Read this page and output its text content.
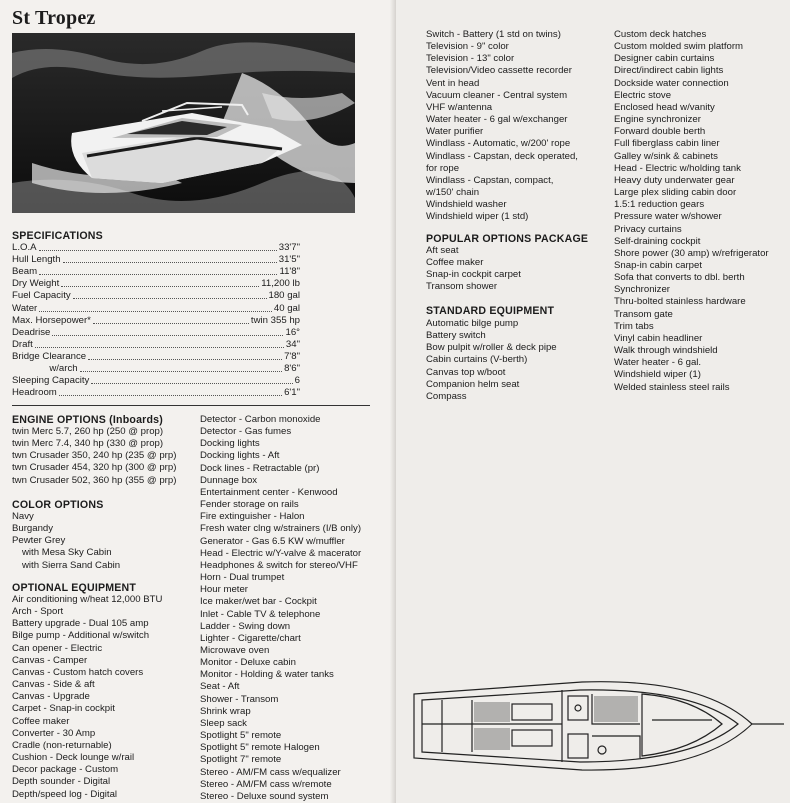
St Tropez
SPECIFICATIONS
L.O.A	33'7"
Hull Length	31'5"
Beam	11'8"
Dry Weight	11,200 lb
Fuel Capacity	180 gal
Water	40 gal
Max. Horsepower*	twin 355 hp
Deadrise	16°
Draft	34"
Bridge Clearance	7'8"
w/arch	8'6"
Sleeping Capacity	6
Headroom	6'1"
ENGINE OPTIONS (Inboards)
twin Merc 5.7, 260 hp (250 @ prop)
twin Merc 7.4, 340 hp (330 @ prop)
twn Crusader 350, 240 hp (235 @ prp)
twn Crusader 454, 320 hp (300 @ prp)
twn Crusader 502, 360 hp (355 @ prp)
COLOR OPTIONS
Navy
Burgandy
Pewter Grey
with Mesa Sky Cabin
with Sierra Sand Cabin
OPTIONAL EQUIPMENT
Air conditioning w/heat 12,000 BTU
Arch - Sport
Battery upgrade - Dual 105 amp
Bilge pump - Additional w/switch
Can opener - Electric
Canvas - Camper
Canvas - Custom hatch covers
Canvas - Side & aft
Canvas - Upgrade
Carpet - Snap-in cockpit
Coffee maker
Converter - 30 Amp
Cradle (non-returnable)
Cushion - Deck lounge w/rail
Decor package - Custom
Depth sounder - Digital
Depth/speed log - Digital
Detector - Carbon monoxide
Detector - Gas fumes
Docking lights
Docking lights - Aft
Dock lines - Retractable (pr)
Dunnage box
Entertainment center - Kenwood
Fender storage on rails
Fire extinguisher - Halon
Fresh water clng w/strainers (I/B only)
Generator - Gas 6.5 KW w/muffler
Head - Electric w/Y-valve & macerator
Headphones & switch for stereo/VHF
Horn - Dual trumpet
Hour meter
Ice maker/wet bar - Cockpit
Inlet - Cable TV & telephone
Ladder - Swing down
Lighter - Cigarette/chart
Microwave oven
Monitor - Deluxe cabin
Monitor - Holding & water tanks
Seat - Aft
Shower - Transom
Shrink wrap
Sleep sack
Spotlight 5" remote
Spotlight 5" remote Halogen
Spotlight 7" remote
Stereo - AM/FM cass w/equalizer
Stereo - AM/FM cass w/remote
Stereo - Deluxe sound system
Switch - Battery (1 std on twins)
Television - 9" color
Television - 13" color
Television/Video cassette recorder
Vent in head
Vacuum cleaner - Central system
VHF w/antenna
Water heater - 6 gal w/exchanger
Water purifier
Windlass - Automatic, w/200' rope
Windlass - Capstan, deck operated,
for rope
Windlass - Capstan, compact,
w/150' chain
Windshield washer
Windshield wiper (1 std)
POPULAR OPTIONS PACKAGE
Aft seat
Coffee maker
Snap-in cockpit carpet
Transom shower
STANDARD EQUIPMENT
Automatic bilge pump
Battery switch
Bow pulpit w/roller & deck pipe
Cabin curtains (V-berth)
Canvas top w/boot
Companion helm seat
Compass
Custom deck hatches
Custom molded swim platform
Designer cabin curtains
Direct/indirect cabin lights
Dockside water connection
Electric stove
Enclosed head w/vanity
Engine synchronizer
Forward double berth
Full fiberglass cabin liner
Galley w/sink & cabinets
Head - Electric w/holding tank
Heavy duty underwater gear
Large plex sliding cabin door
1.5:1 reduction gears
Pressure water w/shower
Privacy curtains
Self-draining cockpit
Shore power (30 amp) w/refrigerator
Snap-in cabin carpet
Sofa that converts to dbl. berth
Synchronizer
Thru-bolted stainless hardware
Transom gate
Trim tabs
Vinyl cabin headliner
Walk through windshield
Water heater - 6 gal.
Windshield wiper (1)
Welded stainless steel rails
